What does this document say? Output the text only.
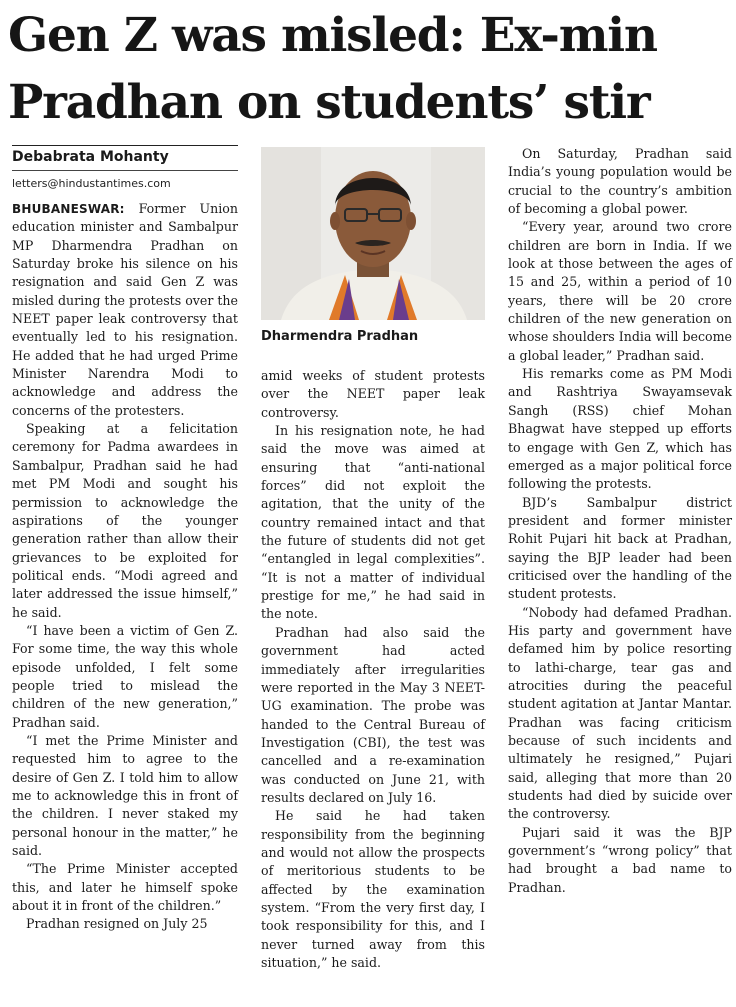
Gen Z was misled: Ex-min
Pradhan on students’ stir
Debabrata Mohanty
letters@hindustantimes.com

BHUBANESWAR: Former Union education minister and Sambalpur MP Dharmendra Pradhan on Saturday broke his silence on his resignation and said Gen Z was misled during the protests over the NEET paper leak controversy that eventually led to his resignation. He added that he had urged Prime Minister Narendra Modi to acknowledge and address the concerns of the protesters.

Speaking at a felicitation ceremony for Padma awardees in Sambalpur, Pradhan said he had met PM Modi and sought his permission to acknowledge the aspirations of the younger generation rather than allow their grievances to be exploited for political ends. “Modi agreed and later addressed the issue himself,” he said.

“I have been a victim of Gen Z. For some time, the way this whole episode unfolded, I felt some people tried to mislead the children of the new generation,” Pradhan said.

“I met the Prime Minister and requested him to agree to the desire of Gen Z. I told him to allow me to acknowledge this in front of the children. I never staked my personal honour in the matter,” he said.

“The Prime Minister accepted this, and later he himself spoke about it in front of the children.”

Pradhan resigned on July 25

Dharmendra Pradhan

amid weeks of student protests over the NEET paper leak controversy.

In his resignation note, he had said the move was aimed at ensuring that “anti-national forces” did not exploit the agitation, that the unity of the country remained intact and that the future of students did not get “entangled in legal complexities”. “It is not a matter of individual prestige for me,” he had said in the note.

Pradhan had also said the government had acted immediately after irregularities were reported in the May 3 NEET-UG examination. The probe was handed to the Central Bureau of Investigation (CBI), the test was cancelled and a re-examination was conducted on June 21, with results declared on July 16.

He said he had taken responsibility from the beginning and would not allow the prospects of meritorious students to be affected by the examination system. “From the very first day, I took responsibility for this, and I never turned away from this situation,” he said.

On Saturday, Pradhan said India’s young population would be crucial to the country’s ambition of becoming a global power.

“Every year, around two crore children are born in India. If we look at those between the ages of 15 and 25, within a period of 10 years, there will be 20 crore children of the new generation on whose shoulders India will become a global leader,” Pradhan said.

His remarks come as PM Modi and Rashtriya Swayamsevak Sangh (RSS) chief Mohan Bhagwat have stepped up efforts to engage with Gen Z, which has emerged as a major political force following the protests.

BJD’s Sambalpur district president and former minister Rohit Pujari hit back at Pradhan, saying the BJP leader had been criticised over the handling of the student protests.

“Nobody had defamed Pradhan. His party and government have defamed him by police resorting to lathi-charge, tear gas and atrocities during the peaceful student agitation at Jantar Mantar. Pradhan was facing criticism because of such incidents and ultimately he resigned,” Pujari said, alleging that more than 20 students had died by suicide over the controversy.

Pujari said it was the BJP government’s “wrong policy” that had brought a bad name to Pradhan.
